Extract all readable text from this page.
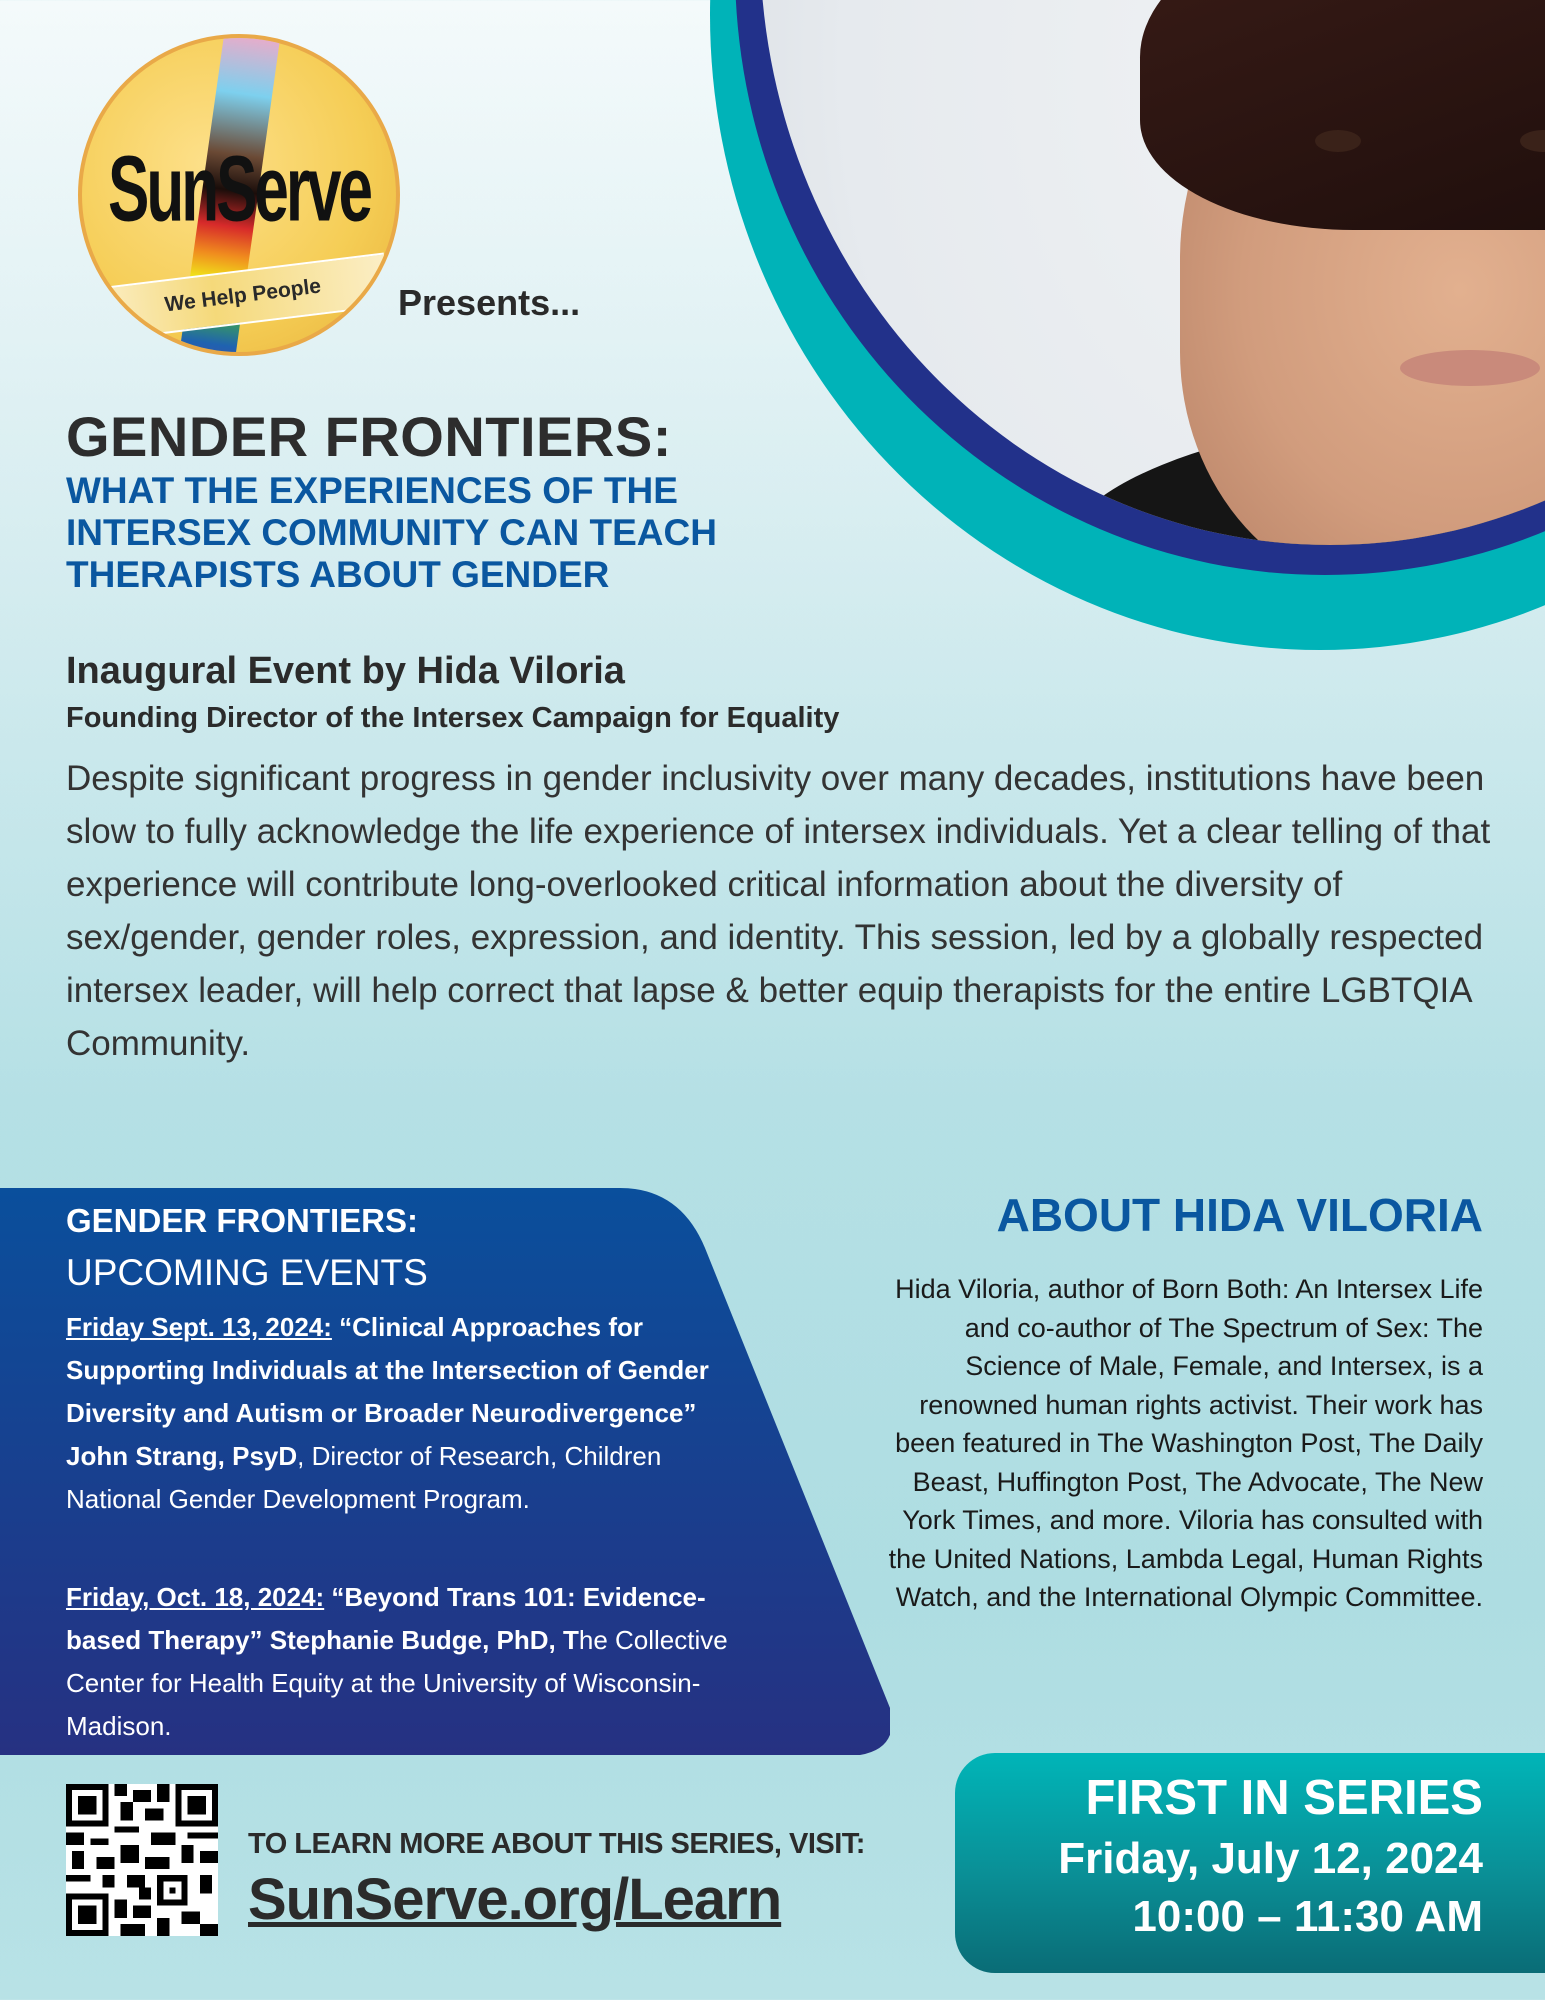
SunServe
We Help People	Presents...
GENDER FRONTIERS:
WHAT THE EXPERIENCES OF THE
INTERSEX COMMUNITY CAN TEACH
THERAPISTS ABOUT GENDER
Inaugural Event by Hida Viloria
Founding Director of the Intersex Campaign for Equality
Despite significant progress in gender inclusivity over many decades, institutions have been slow to fully acknowledge the life experience of intersex individuals. Yet a clear telling of that experience will contribute long-overlooked critical information about the diversity of sex/gender, gender roles, expression, and identity. This session, led by a globally respected intersex leader, will help correct that lapse & better equip therapists for the entire LGBTQIA Community.
GENDER FRONTIERS:
UPCOMING EVENTS
Friday Sept. 13, 2024: “Clinical Approaches for Supporting Individuals at the Intersection of Gender Diversity and Autism or Broader Neurodivergence” John Strang, PsyD, Director of Research, Children National Gender Development Program.
Friday, Oct. 18, 2024: “Beyond Trans 101: Evidence-based Therapy” Stephanie Budge, PhD, The Collective Center for Health Equity at the University of Wisconsin-Madison.
ABOUT HIDA VILORIA
Hida Viloria, author of Born Both: An Intersex Life and co-author of The Spectrum of Sex: The Science of Male, Female, and Intersex, is a renowned human rights activist. Their work has been featured in The Washington Post, The Daily Beast, Huffington Post, The Advocate, The New York Times, and more. Viloria has consulted with the United Nations, Lambda Legal, Human Rights Watch, and the International Olympic Committee.
TO LEARN MORE ABOUT THIS SERIES, VISIT:
SunServe.org/Learn
FIRST IN SERIES
Friday, July 12, 2024
10:00 – 11:30 AM
